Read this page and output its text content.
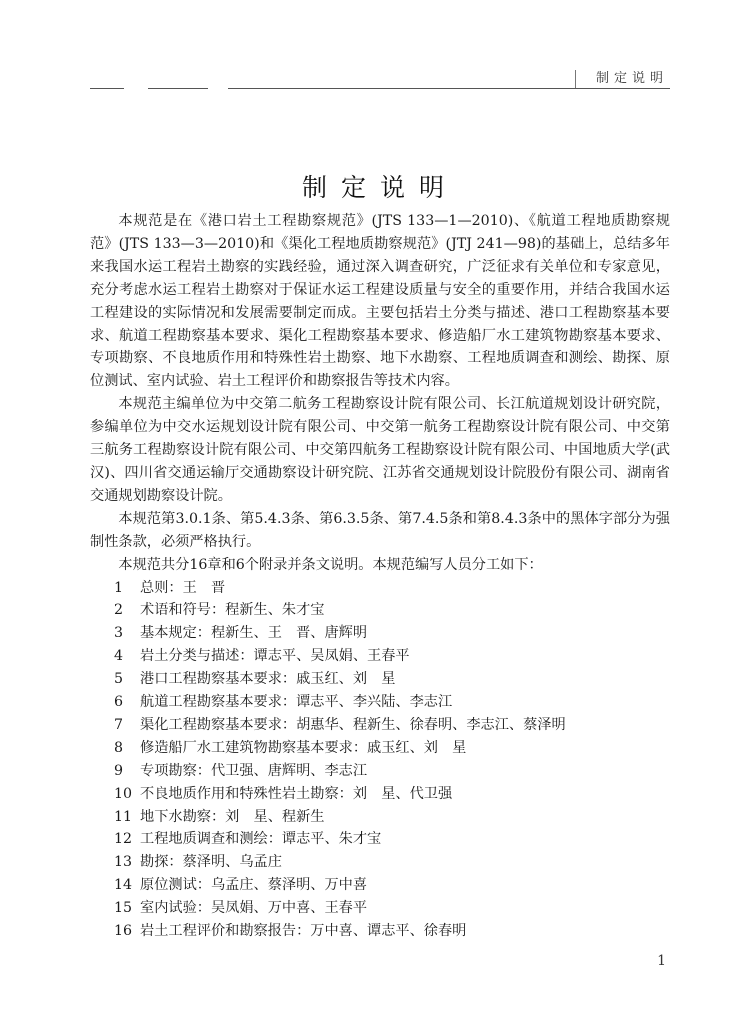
制定说明
制定说明

本规范是在《港口岩土工程勘察规范》(JTS 133—1—2010)、《航道工程地质勘察规范》(JTS 133—3—2010)和《渠化工程地质勘察规范》(JTJ 241—98)的基础上，总结多年来我国水运工程岩土勘察的实践经验，通过深入调查研究，广泛征求有关单位和专家意见，充分考虑水运工程岩土勘察对于保证水运工程建设质量与安全的重要作用，并结合我国水运工程建设的实际情况和发展需要制定而成。主要包括岩土分类与描述、港口工程勘察基本要求、航道工程勘察基本要求、渠化工程勘察基本要求、修造船厂水工建筑物勘察基本要求、专项勘察、不良地质作用和特殊性岩土勘察、地下水勘察、工程地质调查和测绘、勘探、原位测试、室内试验、岩土工程评价和勘察报告等技术内容。

本规范主编单位为中交第二航务工程勘察设计院有限公司、长江航道规划设计研究院，参编单位为中交水运规划设计院有限公司、中交第一航务工程勘察设计院有限公司、中交第三航务工程勘察设计院有限公司、中交第四航务工程勘察设计院有限公司、中国地质大学(武汉)、四川省交通运输厅交通勘察设计研究院、江苏省交通规划设计院股份有限公司、湖南省交通规划勘察设计院。

本规范第3.0.1条、第5.4.3条、第6.3.5条、第7.4.5条和第8.4.3条中的黑体字部分为强制性条款，必须严格执行。

本规范共分16章和6个附录并条文说明。本规范编写人员分工如下：

1	总则：王　晋
2	术语和符号：程新生、朱才宝
3	基本规定：程新生、王　晋、唐辉明
4	岩土分类与描述：谭志平、吴凤娟、王春平
5	港口工程勘察基本要求：戚玉红、刘　星
6	航道工程勘察基本要求：谭志平、李兴陆、李志江
7	渠化工程勘察基本要求：胡惠华、程新生、徐春明、李志江、蔡泽明
8	修造船厂水工建筑物勘察基本要求：戚玉红、刘　星
9	专项勘察：代卫强、唐辉明、李志江
10 不良地质作用和特殊性岩土勘察：刘　星、代卫强
11 地下水勘察：刘　星、程新生
12 工程地质调查和测绘：谭志平、朱才宝
13 勘探：蔡泽明、乌孟庄
14 原位测试：乌孟庄、蔡泽明、万中喜
15 室内试验：吴凤娟、万中喜、王春平
16 岩土工程评价和勘察报告：万中喜、谭志平、徐春明
1
